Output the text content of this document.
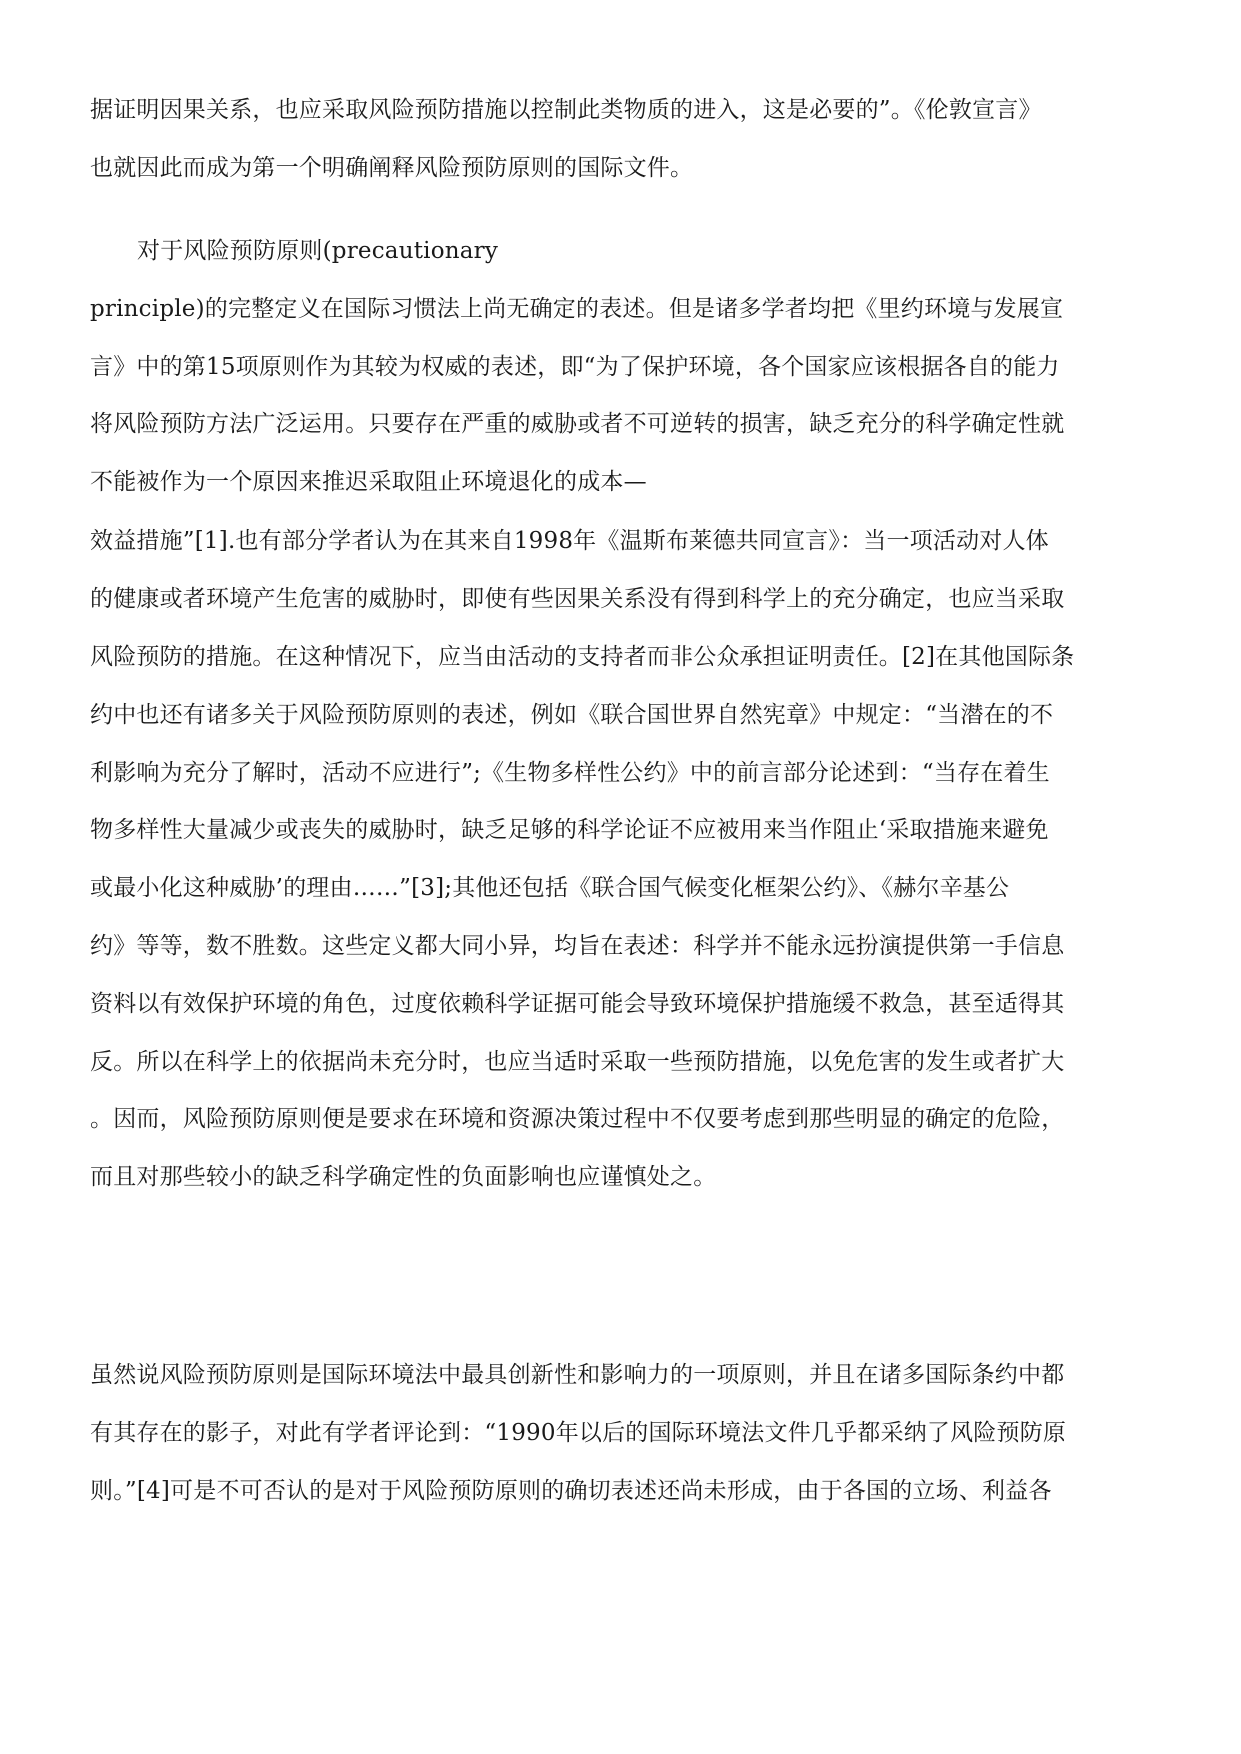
据证明因果关系，也应采取风险预防措施以控制此类物质的进入，这是必要的”。《伦敦宣言》
也就因此而成为第一个明确阐释风险预防原则的国际文件。
对于风险预防原则(precautionary
principle)的完整定义在国际习惯法上尚无确定的表述。但是诸多学者均把《里约环境与发展宣
言》中的第15项原则作为其较为权威的表述，即“为了保护环境，各个国家应该根据各自的能力
将风险预防方法广泛运用。只要存在严重的威胁或者不可逆转的损害，缺乏充分的科学确定性就
不能被作为一个原因来推迟采取阻止环境退化的成本—
效益措施”[1].也有部分学者认为在其来自1998年《温斯布莱德共同宣言》：当一项活动对人体
的健康或者环境产生危害的威胁时，即使有些因果关系没有得到科学上的充分确定，也应当采取
风险预防的措施。在这种情况下，应当由活动的支持者而非公众承担证明责任。[2]在其他国际条
约中也还有诸多关于风险预防原则的表述，例如《联合国世界自然宪章》中规定：“当潜在的不
利影响为充分了解时，活动不应进行”;《生物多样性公约》中的前言部分论述到：“当存在着生
物多样性大量减少或丧失的威胁时，缺乏足够的科学论证不应被用来当作阻止‘采取措施来避免
或最小化这种威胁’的理由……”[3];其他还包括《联合国气候变化框架公约》、《赫尔辛基公
约》等等，数不胜数。这些定义都大同小异，均旨在表述：科学并不能永远扮演提供第一手信息
资料以有效保护环境的角色，过度依赖科学证据可能会导致环境保护措施缓不救急，甚至适得其
反。所以在科学上的依据尚未充分时，也应当适时采取一些预防措施，以免危害的发生或者扩大
。因而，风险预防原则便是要求在环境和资源决策过程中不仅要考虑到那些明显的确定的危险，
而且对那些较小的缺乏科学确定性的负面影响也应谨慎处之。
虽然说风险预防原则是国际环境法中最具创新性和影响力的一项原则，并且在诸多国际条约中都
有其存在的影子，对此有学者评论到：“1990年以后的国际环境法文件几乎都采纳了风险预防原
则。”[4]可是不可否认的是对于风险预防原则的确切表述还尚未形成，由于各国的立场、利益各
